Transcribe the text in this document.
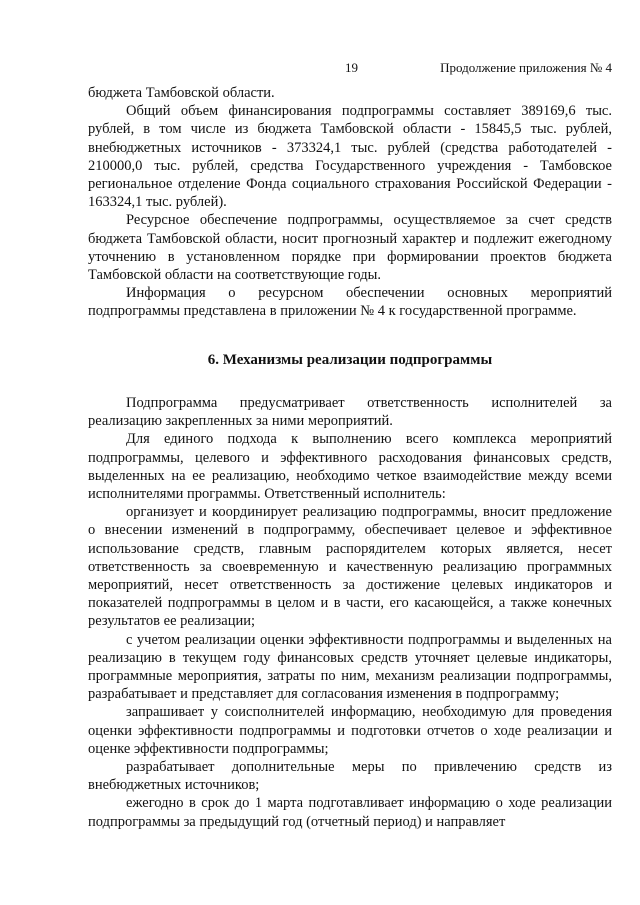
19	Продолжение приложения № 4

бюджета Тамбовской области.

Общий объем финансирования подпрограммы составляет 389169,6 тыс. рублей, в том числе из бюджета Тамбовской области - 15845,5 тыс. рублей, внебюджетных источников - 373324,1 тыс. рублей (средства работодателей - 210000,0 тыс. рублей, средства Государственного учреждения - Тамбовское региональное отделение Фонда социального страхования Российской Федерации - 163324,1 тыс. рублей).

Ресурсное обеспечение подпрограммы, осуществляемое за счет средств бюджета Тамбовской области, носит прогнозный характер и подлежит ежегодному уточнению в установленном порядке при формировании проектов бюджета Тамбовской области на соответствующие годы.

Информация о ресурсном обеспечении основных мероприятий подпрограммы представлена в приложении № 4 к государственной программе.

6. Механизмы реализации подпрограммы

Подпрограмма предусматривает ответственность исполнителей за реализацию закрепленных за ними мероприятий.

Для единого подхода к выполнению всего комплекса мероприятий подпрограммы, целевого и эффективного расходования финансовых средств, выделенных на ее реализацию, необходимо четкое взаимодействие между всеми исполнителями программы. Ответственный исполнитель:

организует и координирует реализацию подпрограммы, вносит предложение о внесении изменений в подпрограмму, обеспечивает целевое и эффективное использование средств, главным распорядителем которых является, несет ответственность за своевременную и качественную реализацию программных мероприятий, несет ответственность за достижение целевых индикаторов и показателей подпрограммы в целом и в части, его касающейся, а также конечных результатов ее реализации;

с учетом реализации оценки эффективности подпрограммы и выделенных на реализацию в текущем году финансовых средств уточняет целевые индикаторы, программные мероприятия, затраты по ним, механизм реализации подпрограммы, разрабатывает и представляет для согласования изменения в подпрограмму;

запрашивает у соисполнителей информацию, необходимую для проведения оценки эффективности подпрограммы и подготовки отчетов о ходе реализации и оценке эффективности подпрограммы;

разрабатывает дополнительные меры по привлечению средств из внебюджетных источников;

ежегодно в срок до 1 марта подготавливает информацию о ходе реализации подпрограммы за предыдущий год (отчетный период) и направляет
